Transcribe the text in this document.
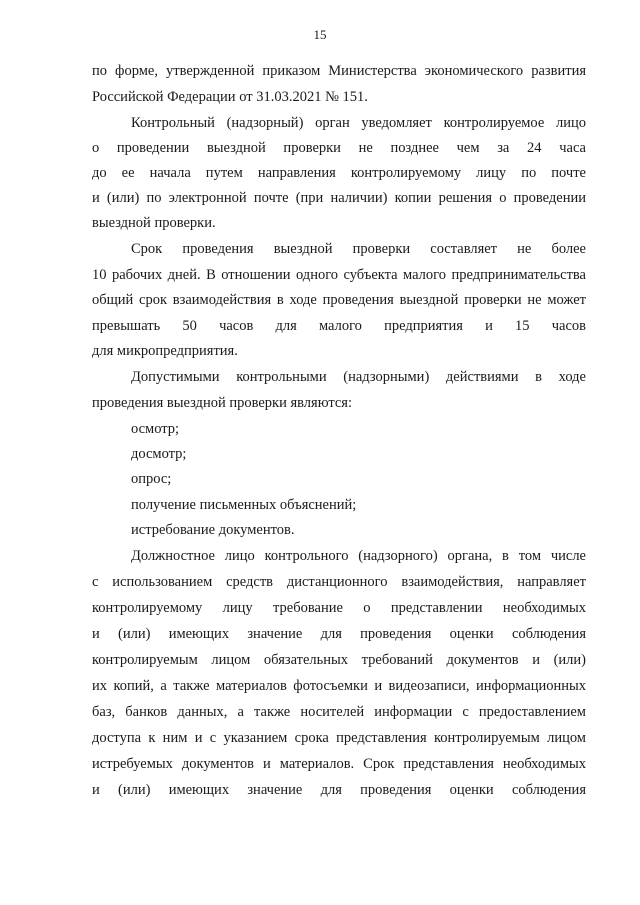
15
по форме, утвержденной приказом Министерства экономического развития
Российской Федерации от 31.03.2021 № 151.
Контрольный (надзорный) орган уведомляет контролируемое лицо
о проведении выездной проверки не позднее чем за 24 часа
до ее начала путем направления контролируемому лицу по почте
и (или) по электронной почте (при наличии) копии решения о проведении
выездной проверки.
Срок проведения выездной проверки составляет не более
10 рабочих дней. В отношении одного субъекта малого предпринимательства
общий срок взаимодействия в ходе проведения выездной проверки не может
превышать 50 часов для малого предприятия и 15 часов
для микропредприятия.
Допустимыми контрольными (надзорными) действиями в ходе
проведения выездной проверки являются:
осмотр;
досмотр;
опрос;
получение письменных объяснений;
истребование документов.
Должностное лицо контрольного (надзорного) органа, в том числе
с использованием средств дистанционного взаимодействия, направляет
контролируемому лицу требование о представлении необходимых
и (или) имеющих значение для проведения оценки соблюдения
контролируемым лицом обязательных требований документов и (или)
их копий, а также материалов фотосъемки и видеозаписи, информационных
баз, банков данных, а также носителей информации с предоставлением
доступа к ним и с указанием срока представления контролируемым лицом
истребуемых документов и материалов. Срок представления необходимых
и (или) имеющих значение для проведения оценки соблюдения
